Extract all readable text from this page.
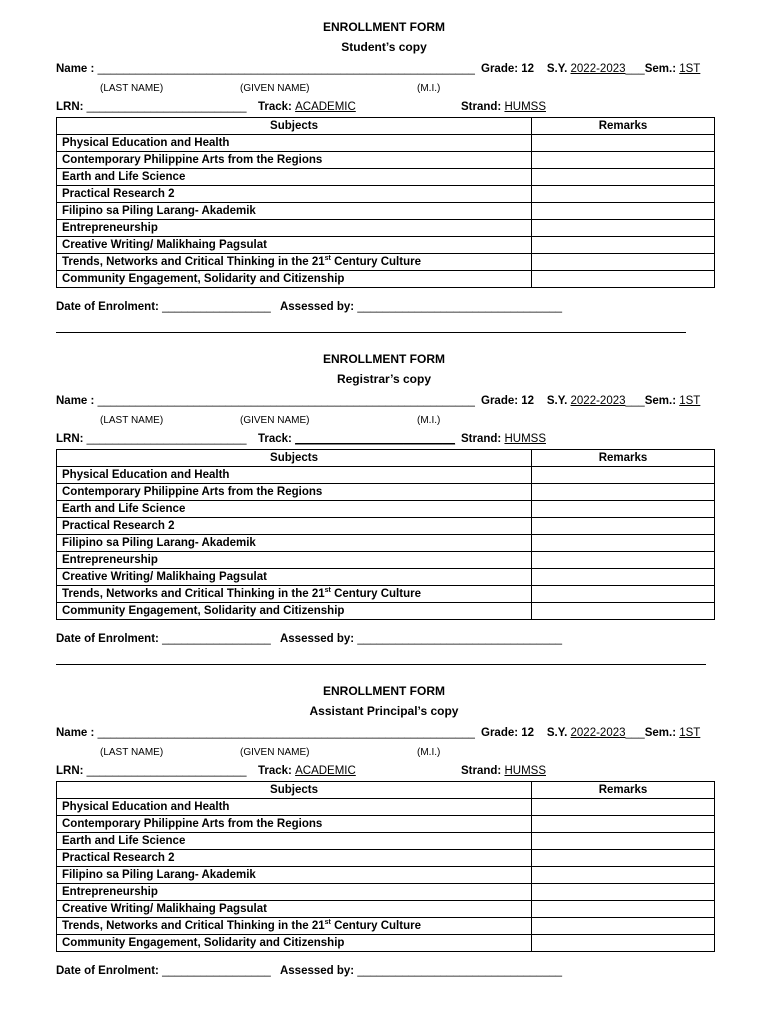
ENROLLMENT FORM
Student’s copy
Name : ___________________________________________________________ Grade: 12 S.Y. 2022-2023___Sem.: 1ST
(LAST NAME)	(GIVEN NAME)	(M.I.)
LRN: _________________________ Track: ACADEMIC	Strand: HUMSS
Subjects	Remarks
Physical Education and Health	
Contemporary Philippine Arts from the Regions	
Earth and Life Science	
Practical Research 2	
Filipino sa Piling Larang- Akademik	
Entrepreneurship	
Creative Writing/ Malikhaing Pagsulat	
Trends, Networks and Critical Thinking in the 21st Century Culture	
Community Engagement, Solidarity and Citizenship	
Date of Enrolment: _________________ Assessed by: ________________________________
ENROLLMENT FORM
Registrar’s copy
Name : ___________________________________________________________ Grade: 12 S.Y. 2022-2023___Sem.: 1ST
(LAST NAME)	(GIVEN NAME)	(M.I.)
LRN: _________________________ Track: _________________________ Strand: HUMSS
Subjects	Remarks
Physical Education and Health	
Contemporary Philippine Arts from the Regions	
Earth and Life Science	
Practical Research 2	
Filipino sa Piling Larang- Akademik	
Entrepreneurship	
Creative Writing/ Malikhaing Pagsulat	
Trends, Networks and Critical Thinking in the 21st Century Culture	
Community Engagement, Solidarity and Citizenship	
Date of Enrolment: _________________ Assessed by: ________________________________
ENROLLMENT FORM
Assistant Principal’s copy
Name : ___________________________________________________________ Grade: 12 S.Y. 2022-2023___Sem.: 1ST
(LAST NAME)	(GIVEN NAME)	(M.I.)
LRN: _________________________ Track: ACADEMIC	Strand: HUMSS
Subjects	Remarks
Physical Education and Health	
Contemporary Philippine Arts from the Regions	
Earth and Life Science	
Practical Research 2	
Filipino sa Piling Larang- Akademik	
Entrepreneurship	
Creative Writing/ Malikhaing Pagsulat	
Trends, Networks and Critical Thinking in the 21st Century Culture	
Community Engagement, Solidarity and Citizenship	
Date of Enrolment: _________________ Assessed by: ________________________________
